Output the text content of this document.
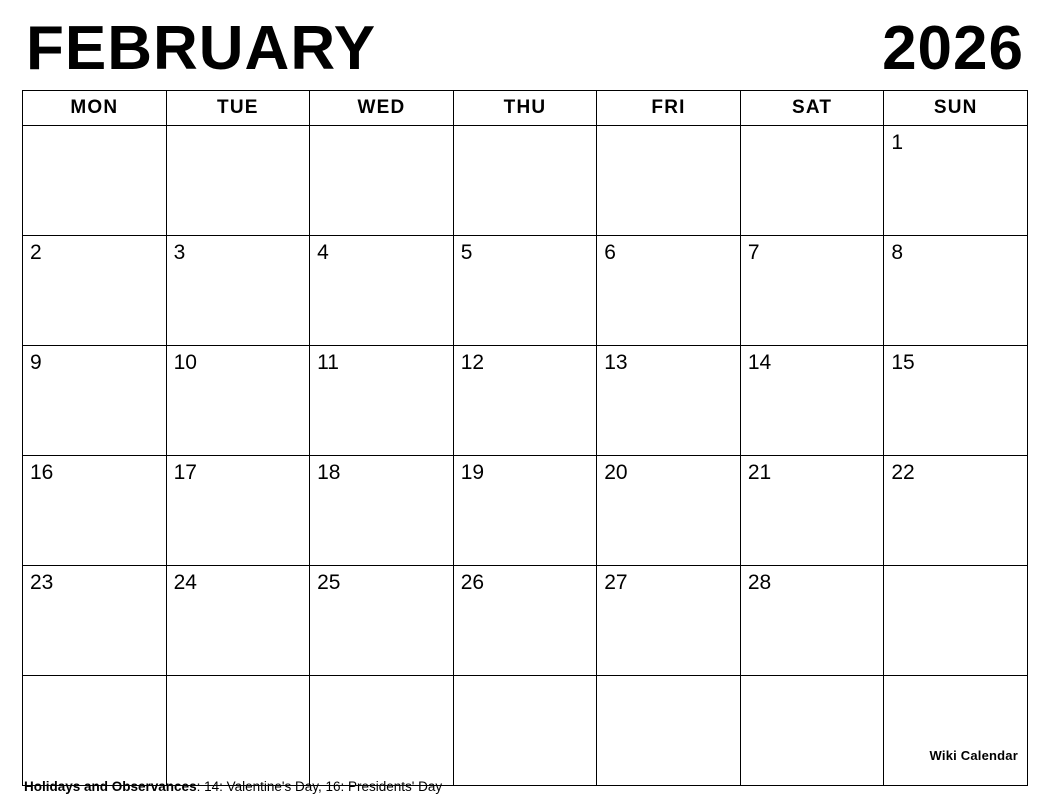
FEBRUARY	2026
MON	TUE	WED	THU	FRI	SAT	SUN

						1

2	3	4	5	6	7	8

9	10	11	12	13	14	15

16	17	18	19	20	21	22

23	24	25	26	27	28	

Wiki Calendar
Holidays and Observances: 14: Valentine's Day, 16: Presidents' Day
